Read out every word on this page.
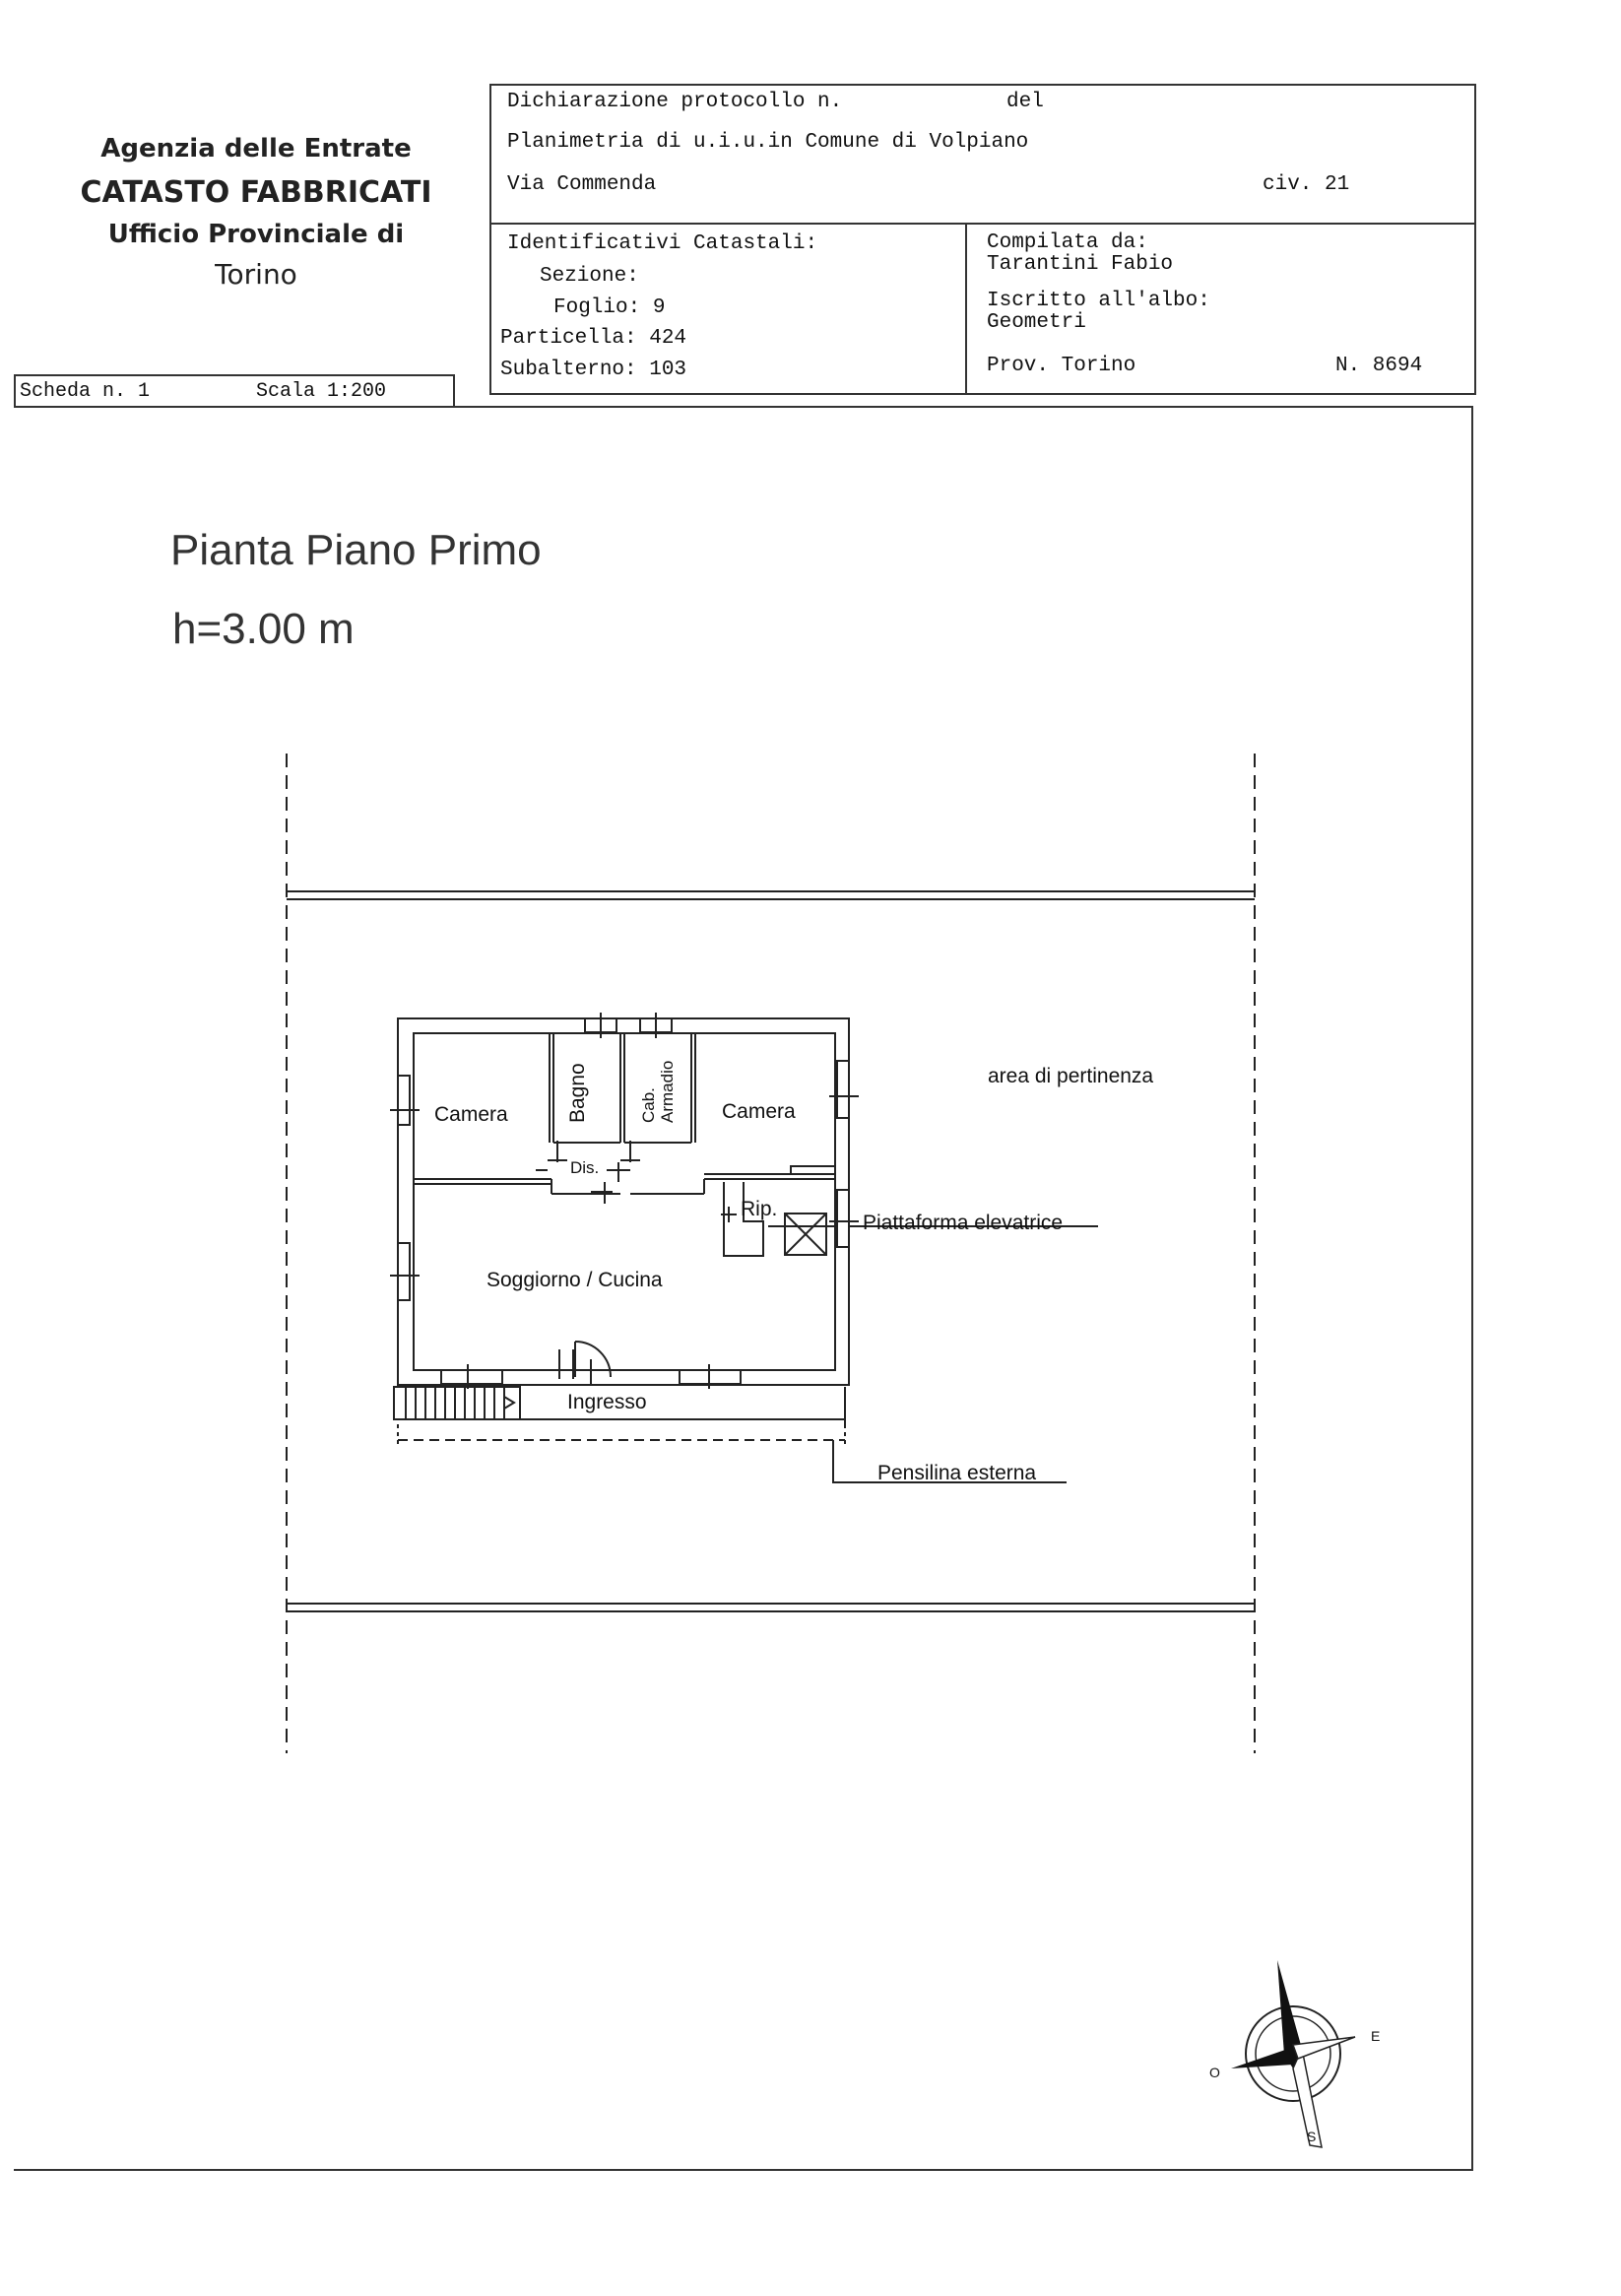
Agenzia delle Entrate
CATASTO FABBRICATI
Ufficio Provinciale di
Torino
Dichiarazione protocollo n.	del
Planimetria di u.i.u.in Comune di Volpiano
Via Commenda	civ. 21
Identificativi Catastali:
Sezione:
Foglio: 9
Particella: 424
Subalterno: 103
Compilata da:
Tarantini Fabio
Iscritto all'albo:
Geometri
Prov. Torino	N. 8694
Scheda n. 1	Scala 1:200
Pianta Piano Primo
h=3.00 m
Camera	Bagno	Cab. Armadio Camera
Dis.
Rip.
Soggiorno / Cucina
Ingresso
area di pertinenza
Piattaforma elevatrice
Pensilina esterna
E
O
S
